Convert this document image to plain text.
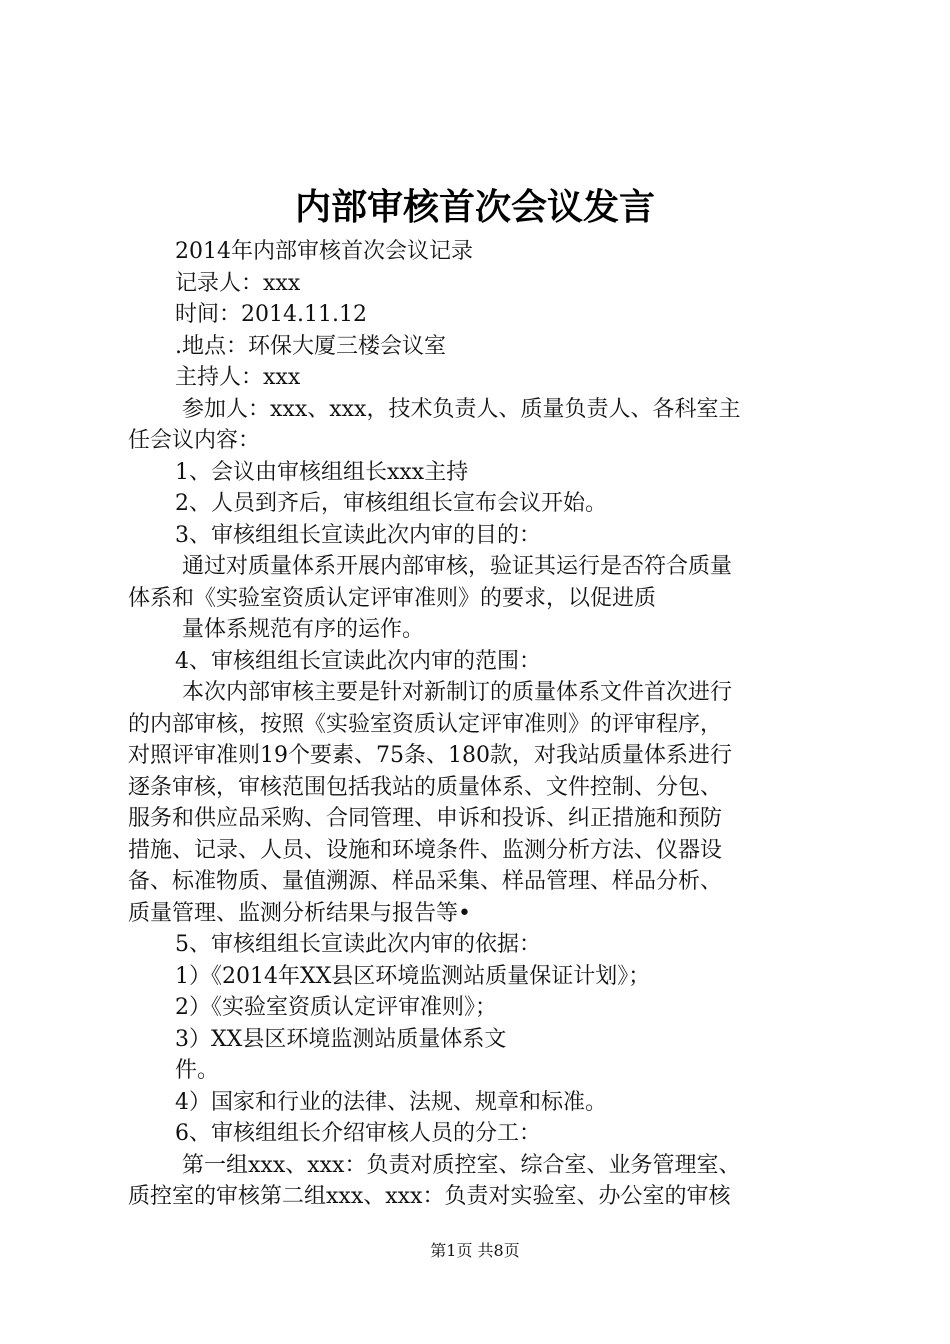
内部审核首次会议发言

2014年内部审核首次会议记录

记录人：xxx

时间：2014.11.12

.地点：环保大厦三楼会议室

主持人：xxx

参加人：xxx、xxx，技术负责人、质量负责人、各科室主

任会议内容：

1、会议由审核组组长xxx主持

2、人员到齐后，审核组组长宣布会议开始。

3、审核组组长宣读此次内审的目的：

通过对质量体系开展内部审核，验证其运行是否符合质量

体系和《实验室资质认定评审准则》的要求，以促进质

量体系规范有序的运作。

4、审核组组长宣读此次内审的范围：

本次内部审核主要是针对新制订的质量体系文件首次进行

的内部审核，按照《实验室资质认定评审准则》的评审程序，

对照评审准则19个要素、75条、180款，对我站质量体系进行

逐条审核，审核范围包括我站的质量体系、文件控制、分包、

服务和供应品采购、合同管理、申诉和投诉、纠正措施和预防

措施、记录、人员、设施和环境条件、监测分析方法、仪器设

备、标准物质、量值溯源、样品采集、样品管理、样品分析、

质量管理、监测分析结果与报告等•

5、审核组组长宣读此次内审的依据：

1）《2014年XX县区环境监测站质量保证计划》；

2）《实验室资质认定评审准则》；

3）XX县区环境监测站质量体系文

件。

4）国家和行业的法律、法规、规章和标准。

6、审核组组长介绍审核人员的分工：

第一组xxx、xxx：负责对质控室、综合室、业务管理室、

质控室的审核第二组xxx、xxx：负责对实验室、办公室的审核

第1页 共8页
